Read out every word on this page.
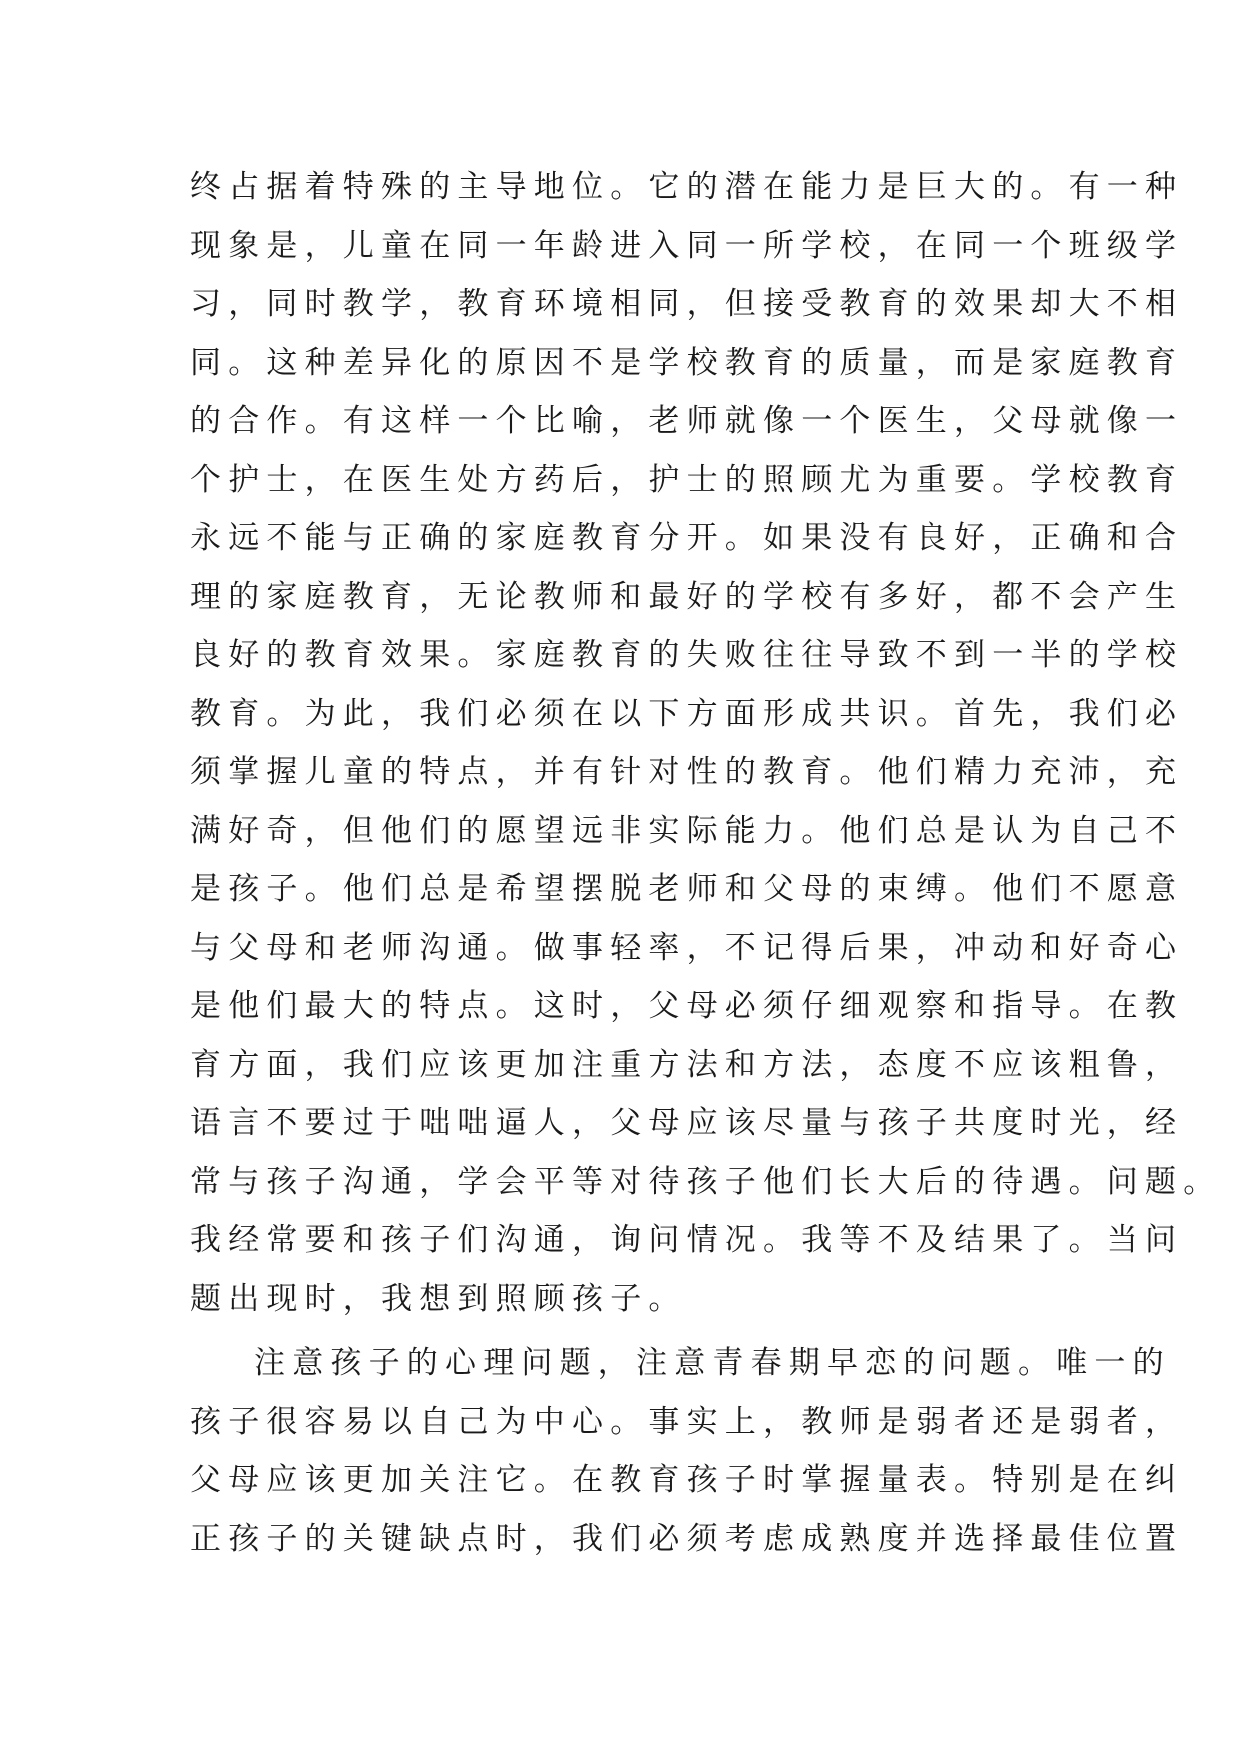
终占据着特殊的主导地位。它的潜在能力是巨大的。有一种
现象是，儿童在同一年龄进入同一所学校，在同一个班级学
习，同时教学，教育环境相同，但接受教育的效果却大不相
同。这种差异化的原因不是学校教育的质量，而是家庭教育
的合作。有这样一个比喻，老师就像一个医生，父母就像一
个护士，在医生处方药后，护士的照顾尤为重要。学校教育
永远不能与正确的家庭教育分开。如果没有良好，正确和合
理的家庭教育，无论教师和最好的学校有多好，都不会产生
良好的教育效果。家庭教育的失败往往导致不到一半的学校
教育。为此，我们必须在以下方面形成共识。首先，我们必
须掌握儿童的特点，并有针对性的教育。他们精力充沛，充
满好奇，但他们的愿望远非实际能力。他们总是认为自己不
是孩子。他们总是希望摆脱老师和父母的束缚。他们不愿意
与父母和老师沟通。做事轻率，不记得后果，冲动和好奇心
是他们最大的特点。这时，父母必须仔细观察和指导。在教
育方面，我们应该更加注重方法和方法，态度不应该粗鲁，
语言不要过于咄咄逼人，父母应该尽量与孩子共度时光，经
常与孩子沟通，学会平等对待孩子他们长大后的待遇。问题。
我经常要和孩子们沟通，询问情况。我等不及结果了。当问
题出现时，我想到照顾孩子。
注意孩子的心理问题，注意青春期早恋的问题。唯一的
孩子很容易以自己为中心。事实上，教师是弱者还是弱者，
父母应该更加关注它。在教育孩子时掌握量表。特别是在纠
正孩子的关键缺点时，我们必须考虑成熟度并选择最佳位置
